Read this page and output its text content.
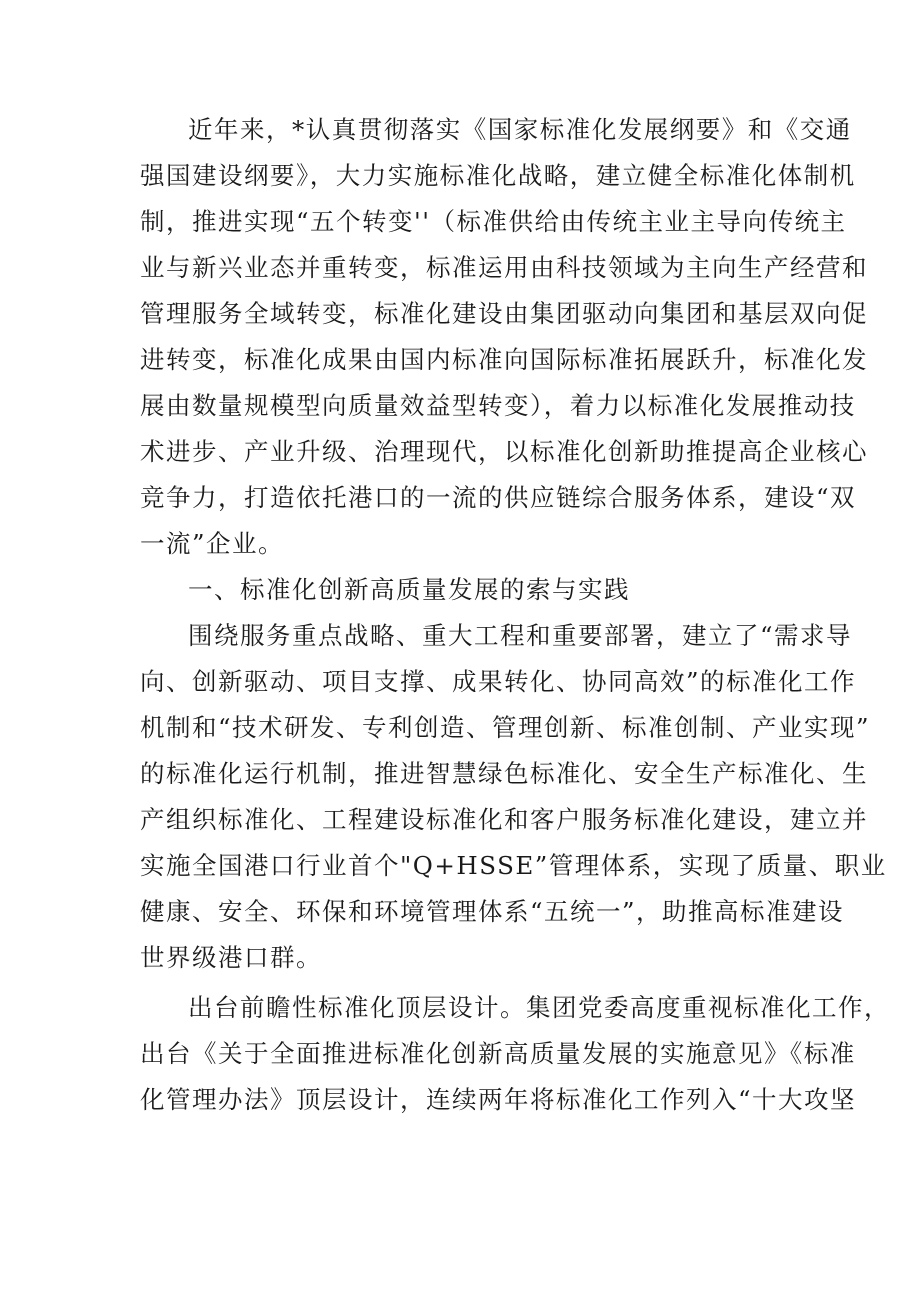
近年来，*认真贯彻落实《国家标准化发展纲要》和《交通
强国建设纲要》，大力实施标准化战略，建立健全标准化体制机
制，推进实现“五个转变''（标准供给由传统主业主导向传统主
业与新兴业态并重转变，标准运用由科技领域为主向生产经营和
管理服务全域转变，标准化建设由集团驱动向集团和基层双向促
进转变，标准化成果由国内标准向国际标准拓展跃升，标准化发
展由数量规模型向质量效益型转变），着力以标准化发展推动技
术进步、产业升级、治理现代，以标准化创新助推提高企业核心
竞争力，打造依托港口的一流的供应链综合服务体系，建设“双
一流”企业。
一、标准化创新高质量发展的索与实践
围绕服务重点战略、重大工程和重要部署，建立了“需求导
向、创新驱动、项目支撑、成果转化、协同高效”的标准化工作
机制和“技术研发、专利创造、管理创新、标准创制、产业实现”
的标准化运行机制，推进智慧绿色标准化、安全生产标准化、生
产组织标准化、工程建设标准化和客户服务标准化建设，建立并
实施全国港口行业首个"Q+HSSE”管理体系，实现了质量、职业
健康、安全、环保和环境管理体系“五统一”，助推高标准建设
世界级港口群。
出台前瞻性标准化顶层设计。集团党委高度重视标准化工作，
出台《关于全面推进标准化创新高质量发展的实施意见》《标准
化管理办法》顶层设计，连续两年将标准化工作列入“十大攻坚
